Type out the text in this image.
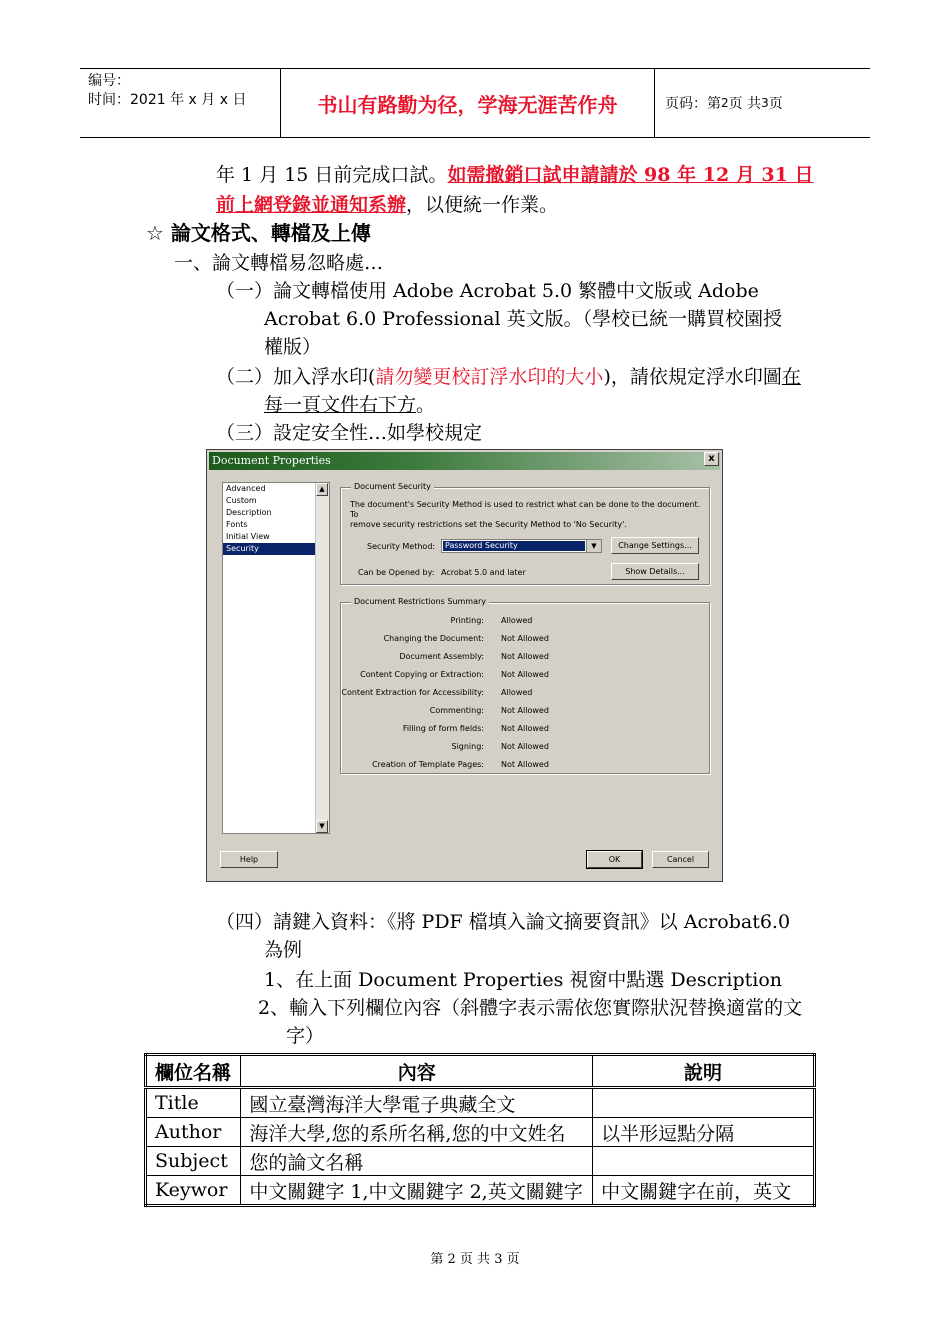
编号：
时间：2021 年 x 月 x 日	书山有路勤为径，学海无涯苦作舟	页码：第 2 页 共 3 页
年 1 月 15 日前完成口試。如需撤銷口試申請請於 98 年 12 月 31 日
前上網登錄並通知系辦，以便統一作業。
☆ 論文格式、轉檔及上傳
一、論文轉檔易忽略處…
（一）論文轉檔使用 Adobe Acrobat 5.0 繁體中文版或 Adobe
Acrobat 6.0 Professional 英文版。（學校已統一購買校園授
權版）
（二）加入浮水印(請勿變更校訂浮水印的大小)，請依規定浮水印圖在
每一頁文件右下方。
（三）設定安全性…如學校規定
Document Properties	x
Advanced
Custom
Description
Fonts
Initial View
Security
▲
▼
Document Security
The document's Security Method is used to restrict what can be done to the document. To
remove security restrictions set the Security Method to 'No Security'.
Security Method: Password Security	▼	Change Settings...
Can be Opened by: Acrobat 5.0 and later	Show Details...
Document Restrictions Summary
Printing: Allowed
Changing the Document: Not Allowed
Document Assembly: Not Allowed
Content Copying or Extraction: Not Allowed
Content Extraction for Accessibility: Allowed
Commenting: Not Allowed
Filling of form fields: Not Allowed
Signing: Not Allowed
Creation of Template Pages: Not Allowed
Help	OK	Cancel
（四）請鍵入資料：《將 PDF 檔填入論文摘要資訊》以 Acrobat6.0
為例
1、在上面 Document Properties 視窗中點選 Description
2、輸入下列欄位內容（斜體字表示需依您實際狀況替換適當的文
字）
欄位名稱	內容	說明
Title	國立臺灣海洋大學電子典藏全文	
Author	海洋大學,您的系所名稱,您的中文姓名	以半形逗點分隔
Subject	您的論文名稱	
Keywor	中文關鍵字 1,中文關鍵字 2,英文關鍵字	中文關鍵字在前，英文
第 2 页 共 3 页
